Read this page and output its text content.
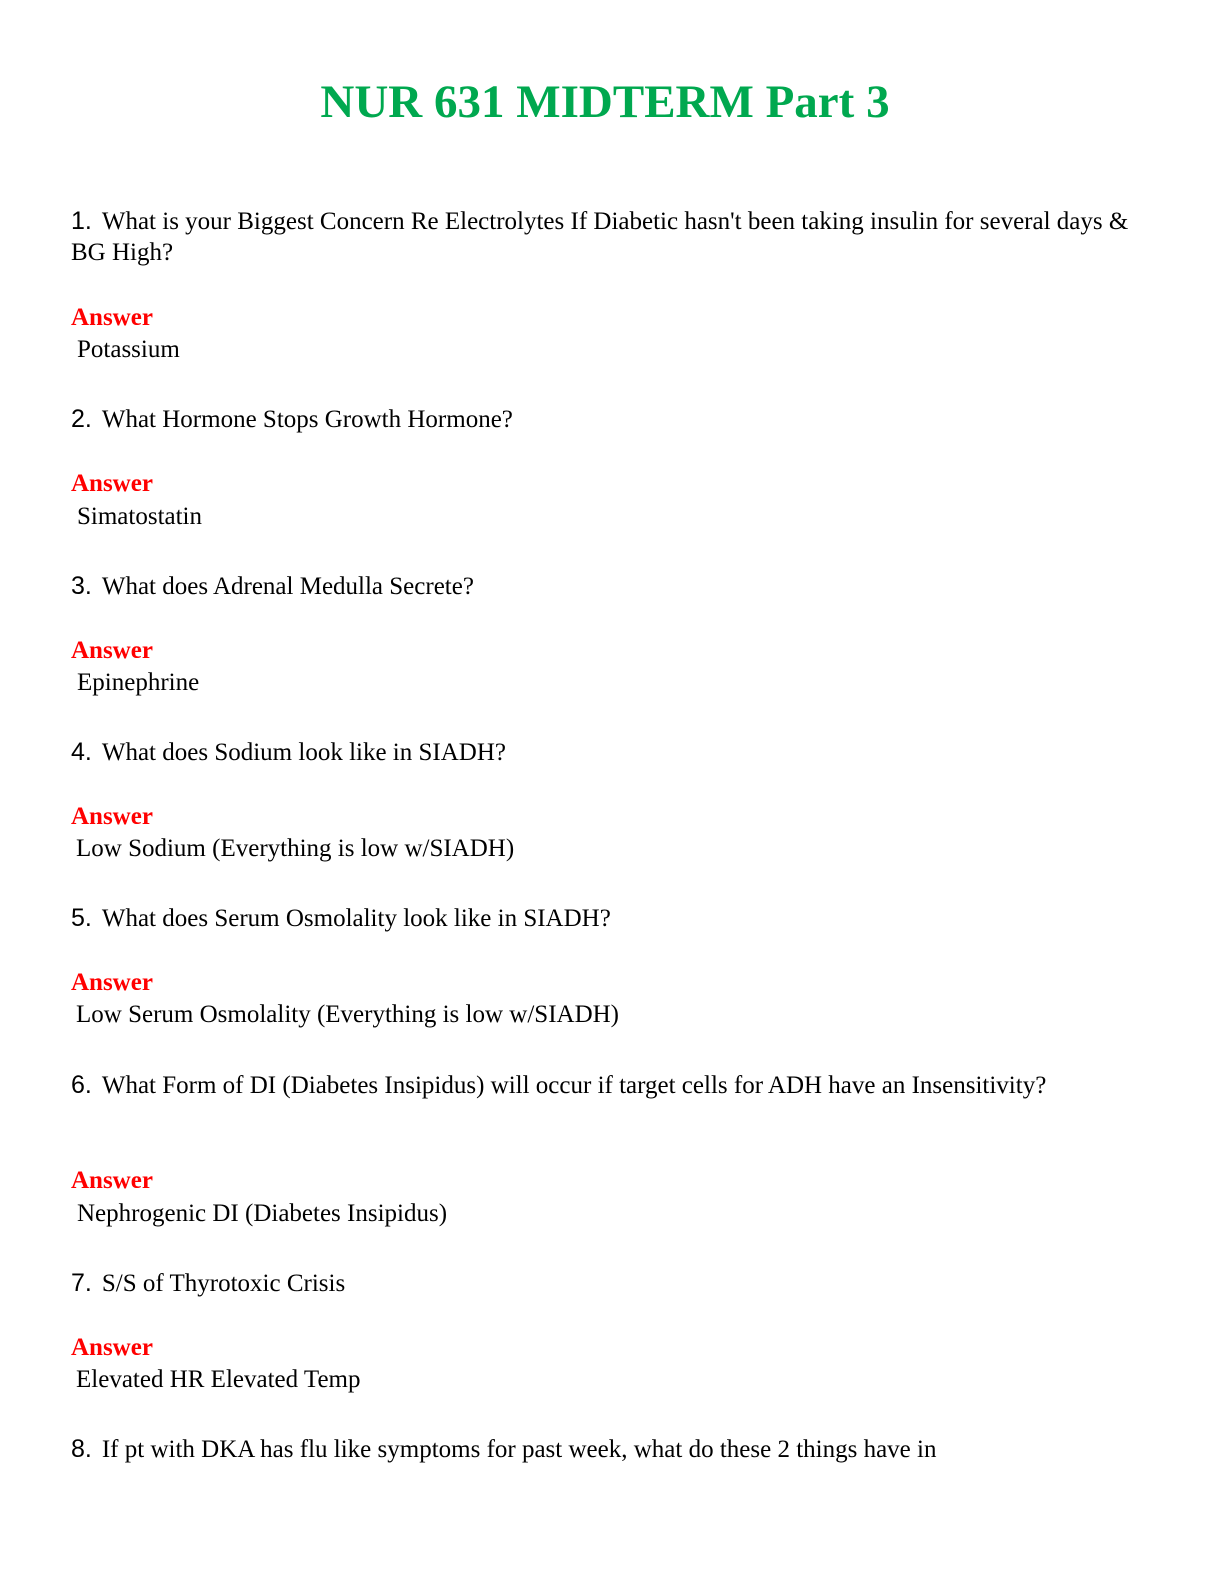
NUR 631 MIDTERM Part 3

1. What is your Biggest Concern Re Electrolytes If Diabetic hasn't been taking insulin for several days & BG High?

Answer

Potassium

2. What Hormone Stops Growth Hormone?

Answer

Simatostatin

3. What does Adrenal Medulla Secrete?

Answer

Epinephrine

4. What does Sodium look like in SIADH?

Answer

Low Sodium (Everything is low w/SIADH)

5. What does Serum Osmolality look like in SIADH?

Answer

Low Serum Osmolality (Everything is low w/SIADH)

6. What Form of DI (Diabetes Insipidus) will occur if target cells for ADH have an Insensitivity?

Answer

Nephrogenic DI (Diabetes Insipidus)

7. S/S of Thyrotoxic Crisis

Answer

Elevated HR Elevated Temp

8. If pt with DKA has flu like symptoms for past week, what do these 2 things have in
